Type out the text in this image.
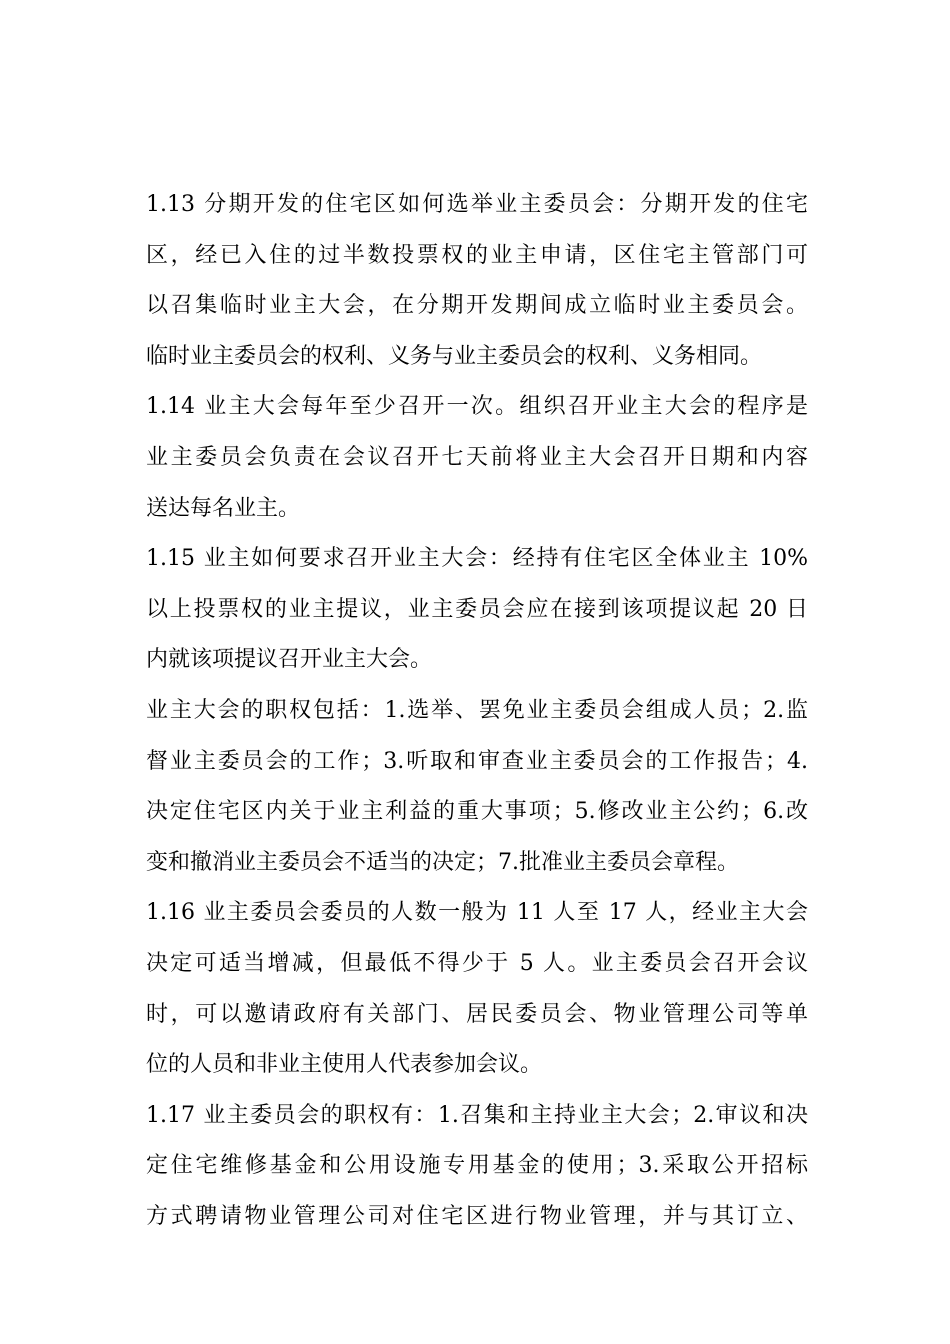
1.13 分期开发的住宅区如何选举业主委员会：分期开发的住宅
区，经已入住的过半数投票权的业主申请，区住宅主管部门可
以召集临时业主大会，在分期开发期间成立临时业主委员会。
临时业主委员会的权利、义务与业主委员会的权利、义务相同。
1.14 业主大会每年至少召开一次。组织召开业主大会的程序是
业主委员会负责在会议召开七天前将业主大会召开日期和内容
送达每名业主。
1.15 业主如何要求召开业主大会：经持有住宅区全体业主 10%
以上投票权的业主提议，业主委员会应在接到该项提议起 20 日
内就该项提议召开业主大会。
业主大会的职权包括：1.选举、罢免业主委员会组成人员；2.监
督业主委员会的工作；3.听取和审查业主委员会的工作报告；4.
决定住宅区内关于业主利益的重大事项；5.修改业主公约；6.改
变和撤消业主委员会不适当的决定；7.批准业主委员会章程。
1.16 业主委员会委员的人数一般为 11 人至 17 人，经业主大会
决定可适当增减，但最低不得少于 5 人。业主委员会召开会议
时，可以邀请政府有关部门、居民委员会、物业管理公司等单
位的人员和非业主使用人代表参加会议。
1.17 业主委员会的职权有：1.召集和主持业主大会；2.审议和决
定住宅维修基金和公用设施专用基金的使用；3.采取公开招标
方式聘请物业管理公司对住宅区进行物业管理，并与其订立、
